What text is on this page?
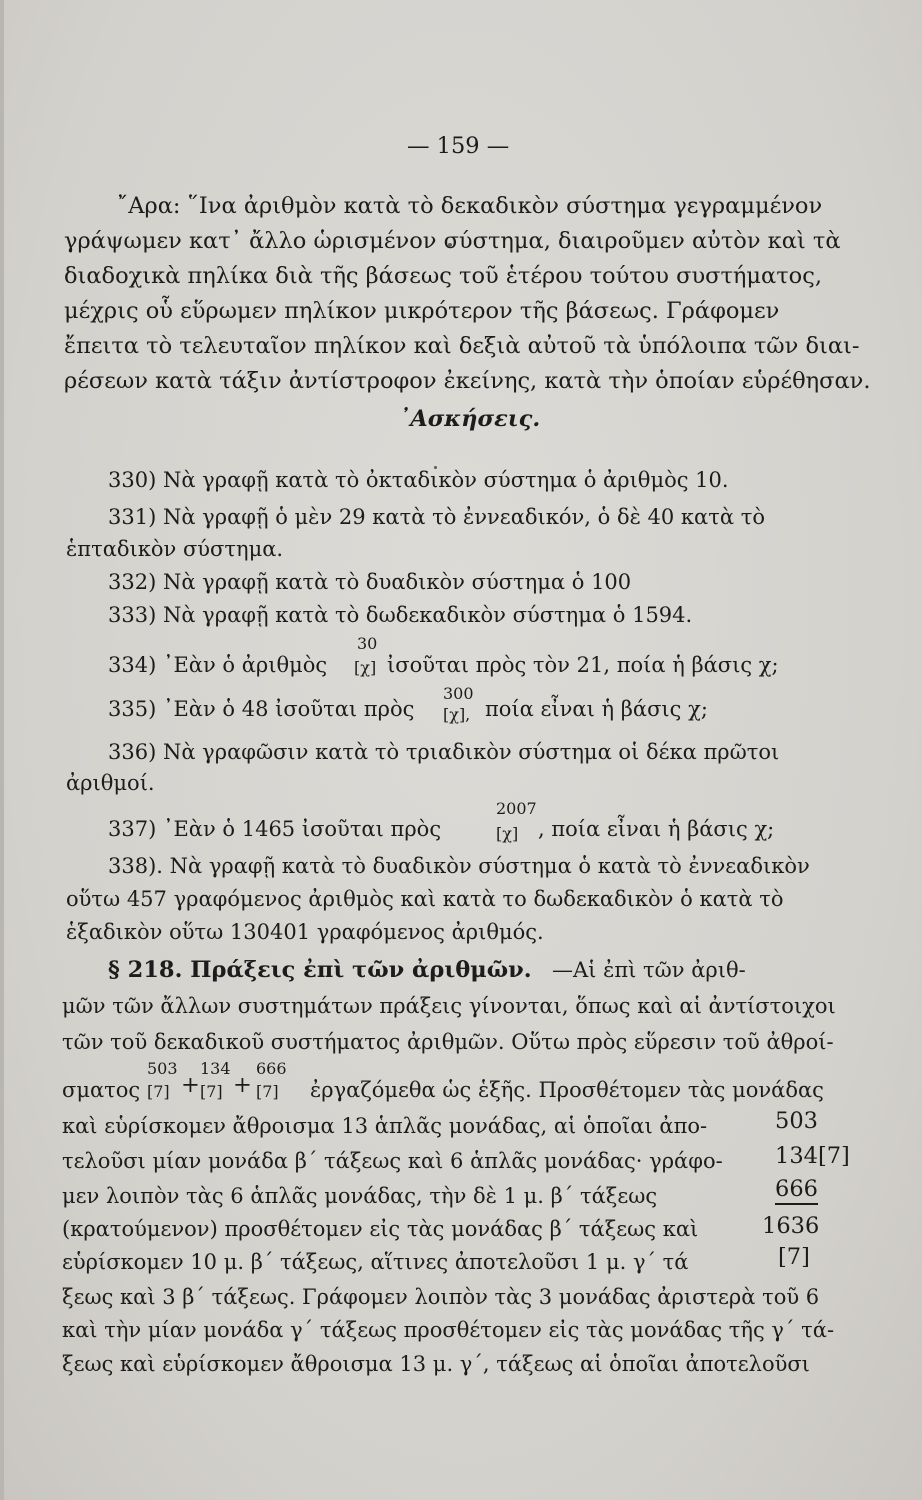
— 159 —
῎Αρα: ῞Ινα ἀριθμὸν κατὰ τὸ δεκαδικὸν σύστημα γεγραμμένον
γράψωμεν κατ᾽ ἄλλο ὡρισμένον σύστημα, διαιροῦμεν αὐτὸν καὶ τὰ
διαδοχικὰ πηλίκα διὰ τῆς βάσεως τοῦ ἑτέρου τούτου συστήματος,
μέχρις οὗ εὕρωμεν πηλίκον μικρότερον τῆς βάσεως. Γράφομεν
ἔπειτα τὸ τελευταῖον πηλίκον καὶ δεξιὰ αὐτοῦ τὰ ὑπόλοιπα τῶν διαι-
ρέσεων κατὰ τάξιν ἀντίστροφον ἐκείνης, κατὰ τὴν ὁποίαν εὑρέθησαν.
᾿Ασκήσεις.
330) Νὰ γραφῇ κατὰ τὸ ὀκταδικὸν σύστημα ὁ ἀριθμὸς 10.
331) Νὰ γραφῇ ὁ μὲν 29 κατὰ τὸ ἐννεαδικόν, ὁ δὲ 40 κατὰ τὸ
ἑπταδικὸν σύστημα.
332) Νὰ γραφῇ κατὰ τὸ δυαδικὸν σύστημα ὁ 100
333) Νὰ γραφῇ κατὰ τὸ δωδεκαδικὸν σύστημα ὁ 1594.
334) ᾽Εὰν ὁ ἀριθμὸς
30
[χ] ἰσοῦται πρὸς τὸν 21, ποία ἡ βάσις χ;
335) ᾽Εὰν ὁ 48 ἰσοῦται πρὸς
300
[χ], ποία εἶναι ἡ βάσις χ;
336) Νὰ γραφῶσιν κατὰ τὸ τριαδικὸν σύστημα οἱ δέκα πρῶτοι
ἀριθμοί.
337) ᾽Εὰν ὁ 1465 ἰσοῦται πρὸς
2007
[χ] , ποία εἶναι ἡ βάσις χ;
338). Νὰ γραφῇ κατὰ τὸ δυαδικὸν σύστημα ὁ κατὰ τὸ ἐννεαδικὸν
οὕτω 457 γραφόμενος ἀριθμὸς καὶ κατὰ το δωδεκαδικὸν ὁ κατὰ τὸ
ἑξαδικὸν οὕτω 130401 γραφόμενος ἀριθμός.
§ 218. Πράξεις ἐπὶ τῶν ἀριθμῶν. —Αἱ ἐπὶ τῶν ἀριθ-
μῶν τῶν ἄλλων συστημάτων πράξεις γίνονται, ὅπως καὶ αἱ ἀντίστοιχοι
τῶν τοῦ δεκαδικοῦ συστήματος ἀριθμῶν. Οὕτω πρὸς εὕρεσιν τοῦ ἀθροί-
σματος
503
[7] +
134
[7] +
666
[7] ἐργαζόμεθα ὡς ἑξῆς. Προσθέτομεν τὰς μονάδας
καὶ εὑρίσκομεν ἄθροισμα 13 ἁπλᾶς μονάδας, αἱ ὁποῖαι ἀπο-
τελοῦσι μίαν μονάδα β΄ τάξεως καὶ 6 ἁπλᾶς μονάδας· γράφο-
μεν λοιπὸν τὰς 6 ἁπλᾶς μονάδας, τὴν δὲ 1 μ. β΄ τάξεως
(κρατούμενον) προσθέτομεν εἰς τὰς μονάδας β΄ τάξεως καὶ
εὑρίσκομεν 10 μ. β΄ τάξεως, αἵτινες ἀποτελοῦσι 1 μ. γ΄ τά
503
134[7]
666
1636
[7]
ξεως καὶ 3 β΄ τάξεως. Γράφομεν λοιπὸν τὰς 3 μονάδας ἀριστερὰ τοῦ 6
καὶ τὴν μίαν μονάδα γ΄ τάξεως προσθέτομεν εἰς τὰς μονάδας τῆς γ΄ τά-
ξεως καὶ εὑρίσκομεν ἄθροισμα 13 μ. γ΄, τάξεως αἱ ὁποῖαι ἀποτελοῦσι
